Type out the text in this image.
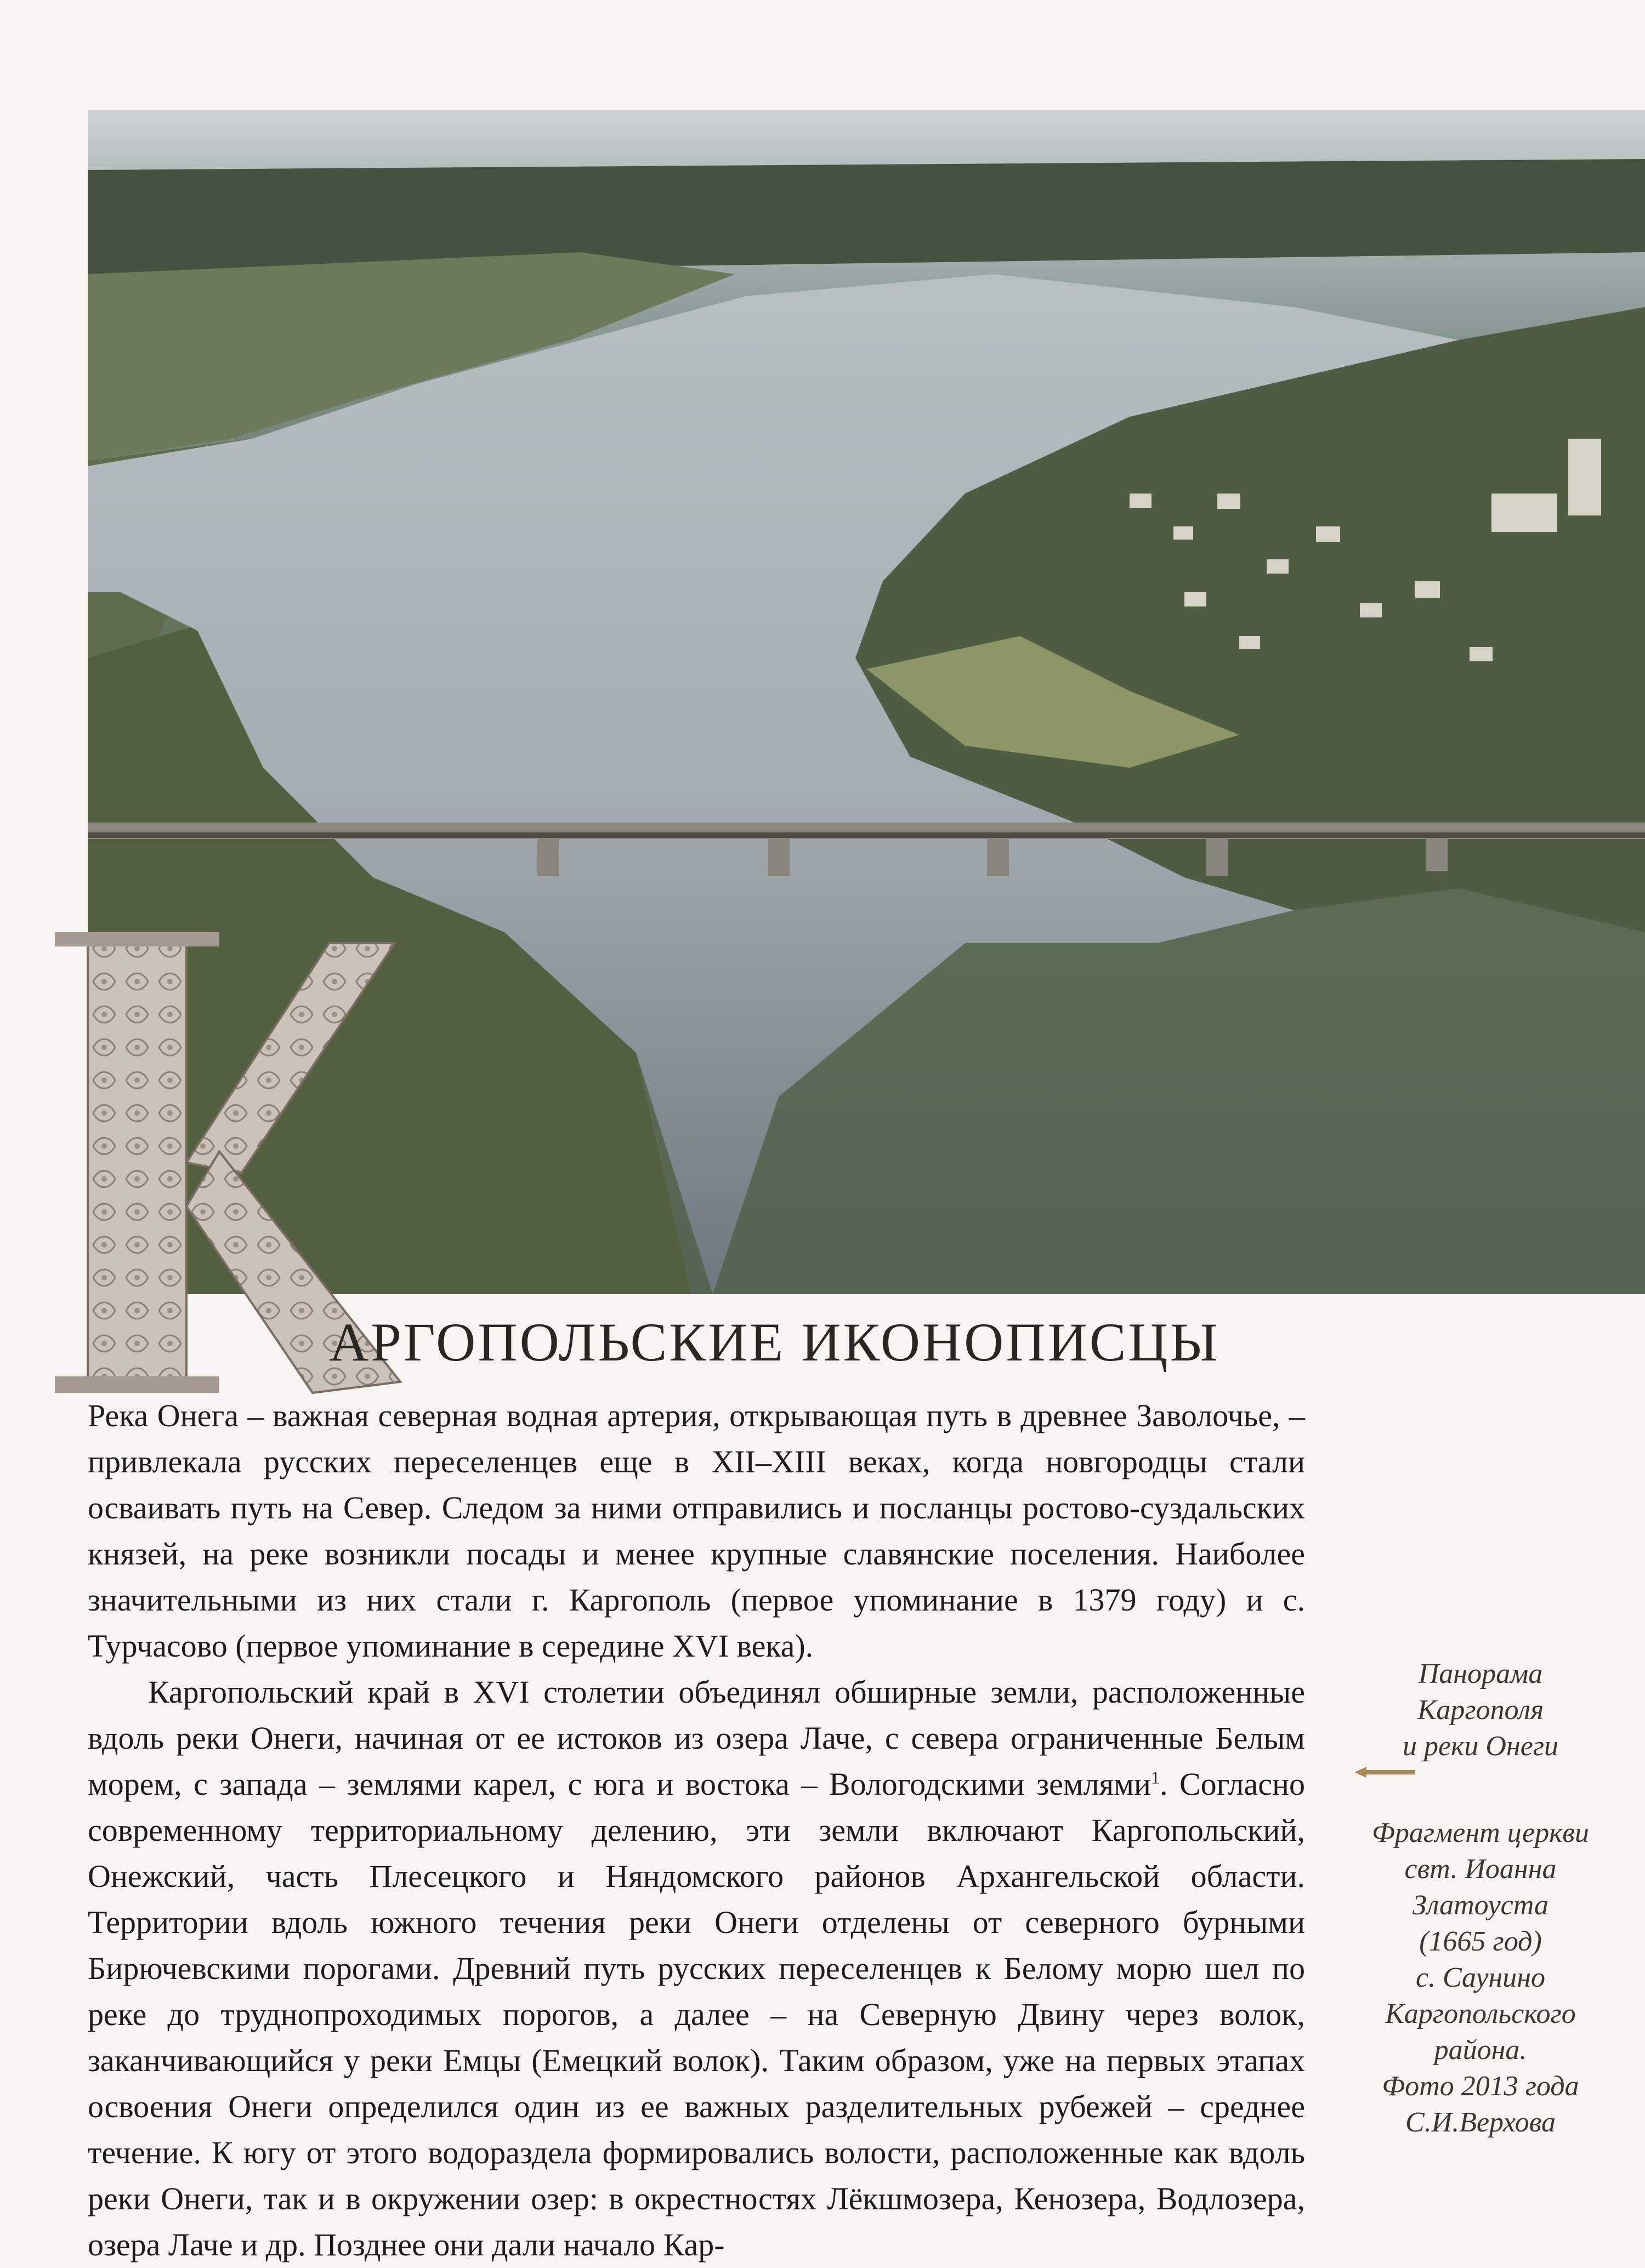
АРГОПОЛЬСКИЕ ИКОНОПИСЦЫ

Река Онега – важная северная водная артерия, открывающая путь в древнее Заволочье, – привлекала русских переселенцев еще в XII–XIII веках, когда новгородцы стали осваивать путь на Север. Следом за ними отправились и посланцы ростово-суздальских князей, на реке возникли посады и менее крупные славянские поселения. Наиболее значительными из них стали г. Каргополь (первое упоминание в 1379 году) и с. Турчасово (первое упоминание в середине XVI века).

Каргопольский край в XVI столетии объединял обширные земли, расположенные вдоль реки Онеги, начиная от ее истоков из озера Лаче, с севера ограниченные Белым морем, с запада – землями карел, с юга и востока – Вологодскими землями$^1$. Согласно современному территориальному делению, эти земли включают Каргопольский, Онежский, часть Плесецкого и Няндомского районов Архангельской области. Территории вдоль южного течения реки Онеги отделены от северного бурными Бирючевскими порогами. Древний путь русских переселенцев к Белому морю шел по реке до труднопроходимых порогов, а далее – на Северную Двину через волок, заканчивающийся у реки Емцы (Емецкий волок). Таким образом, уже на первых этапах освоения Онеги определился один из ее важных разделительных рубежей – среднее течение. К югу от этого водораздела формировались волости, расположенные как вдоль реки Онеги, так и в окружении озер: в окрестностях Лёкшмозера, Кенозера, Водлозера, озера Лаче и др. Позднее они дали начало Кар-

Панорама
Каргополя
и реки Онеги
Фрагмент церкви
свт. Иоанна
Златоуста
(1665 год)
с. Саунино
Каргопольского
района.
Фото 2013 года
С.И.Верхова
